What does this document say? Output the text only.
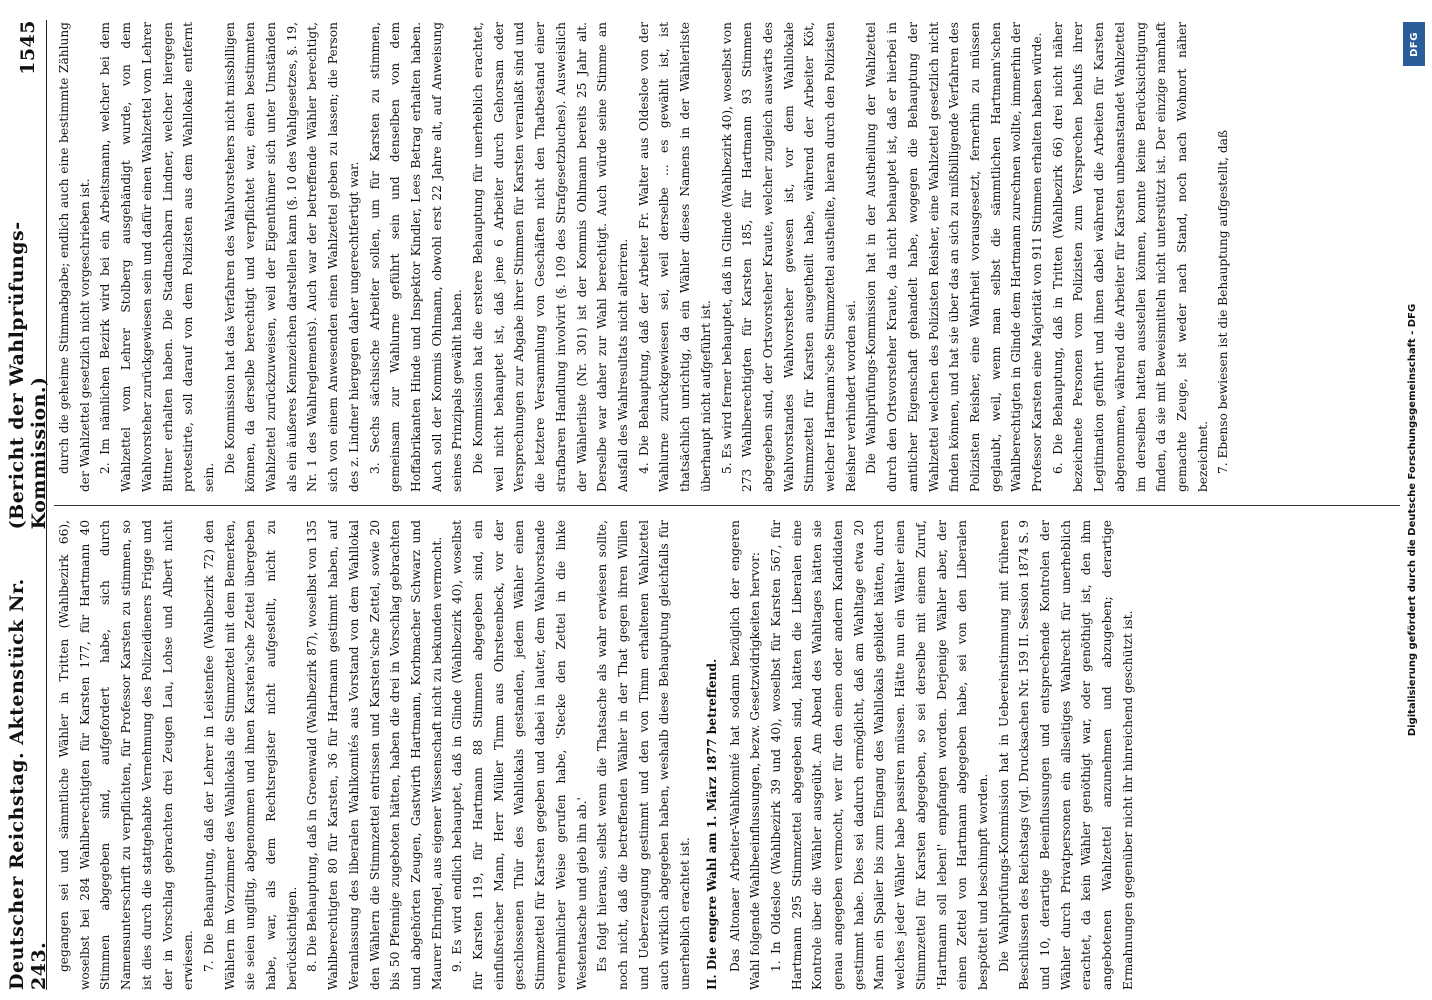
Deutscher Reichstag. Aktenstück Nr. 243.
(Bericht der Wahlprüfungs-Kommission.)
1545

gegangen sei und sämmtliche Wähler in Tritten (Wahlbezirk 66), woselbst bei 284 Wahlberechtigten für Karsten 177, für Hartmann 40 Stimmen abgegeben sind, aufgefordert habe, sich durch Namensunterschrift zu verpflichten, für Professor Karsten zu stimmen, so ist dies durch die stattgehabte Vernehmung des Polizeidieners Frigge und der in Vorschlag gebrachten drei Zeugen Lau, Lohse und Albert nicht erwiesen. 7. Die Behauptung, daß der Lehrer in Leistenfee (Wahlbezirk 72) den Wählern im Vorzimmer des Wahllokals die Stimmzettel mit dem Bemerken, sie seien ungiltig, abgenommen und ihnen Karsten'sche Zettel übergeben habe, war, als dem Rechtsregister nicht aufgestellt, nicht zu berücksichtigen. 8. Die Behauptung, daß in Groenwald (Wahlbezirk 87), woselbst von 135 Wahlberechtigten 80 für Karsten, 36 für Hartmann gestimmt haben, auf Veranlassung des liberalen Wahlkomités aus Vorstand von dem Wahllokal den Wählern die Stimmzettel entrissen und Karsten'sche Zettel, sowie 20 bis 50 Pfennige zugeboten hätten, haben die drei in Vorschlag gebrachten und abgehörten Zeugen, Gastwirth Hartmann, Korbmacher Schwarz und Maurer Ehringel, aus eigener Wissenschaft nicht zu bekunden vermocht. 9. Es wird endlich behauptet, daß in Glinde (Wahlbezirk 40), woselbst für Karsten 119, für Hartmann 88 Stimmen abgegeben sind, ein einflußreicher Mann, Herr Müller Timm aus Ohrsteenbeck, vor der geschlossenen Thür des Wahllokals gestanden, jedem Wähler einen Stimmzettel für Karsten gegeben und dabei in lauter, dem Wahlvorstande vernehmlicher Weise gerufen habe, 'Stecke den Zettel in die linke Westentasche und gieb ihn ab.' Es folgt hieraus, selbst wenn die Thatsache als wahr erwiesen sollte, noch nicht, daß die betreffenden Wähler in der That gegen ihren Willen und Ueberzeugung gestimmt und den von Timm erhaltenen Wahlzettel auch wirklich abgegeben haben, weshalb diese Behauptung gleichfalls für unerheblich erachtet ist.	II. Die engere Wahl am 1. März 1877 betreffend. Das Altonaer Arbeiter-Wahlkomité hat sodann bezüglich der engeren Wahl folgende Wahlbeeinflussungen, bezw. Gesetzwidrigkeiten hervor: 1. In Oldesloe (Wahlbezirk 39 und 40), woselbst für Karsten 567, für Hartmann 295 Stimmzettel abgegeben sind, hätten die Liberalen eine Kontrole über die Wähler ausgeübt. Am Abend des Wahltages hätten sie genau angegeben vermocht, wer für den einen oder andern Kandidaten gestimmt habe. Dies sei dadurch ermöglicht, daß am Wahltage etwa 20 Mann ein Spalier bis zum Eingang des Wahllokals gebildet hätten, durch welches jeder Wähler habe passiren müssen. Hätte nun ein Wähler einen Stimmzettel für Karsten abgegeben, so sei derselbe mit einem Zuruf, 'Hartmann soll leben!' empfangen worden. Derjenige Wähler aber, der einen Zettel von Hartmann abgegeben habe, sei von den Liberalen bespöttelt und beschimpft worden. Die Wahlprüfungs-Kommission hat in Uebereinstimmung mit früheren Beschlüssen des Reichstags (vgl. Drucksachen Nr. 159 II. Session 1874 S. 9 und 10, derartige Beeinflussungen und entsprechende Kontrolen der Wähler durch Privatpersonen ein allseitiges Wahlrecht für unerheblich erachtet, da kein Wähler genöthigt war, oder genöthigt ist, den ihm angebotenen Wahlzettel anzunehmen und abzugeben; derartige Ermahnungen gegenüber nicht ihr hinreichend geschützt ist.

durch die geheime Stimmabgabe; endlich auch eine bestimmte Zählung der Wahlzettel gesetzlich nicht vorgeschrieben ist. 2. Im nämlichen Bezirk wird bei ein Arbeitsmann, welcher bei dem Wahlzettel vom Lehrer Stolberg ausgehändigt wurde, von dem Wahlvorsteher zurückgewiesen sein und dafür einen Wahlzettel vom Lehrer Bittner erhalten haben. Die Stadtnachbarn Lindner, welcher hiergegen protestirte, soll darauf von dem Polizisten aus dem Wahllokale entfernt sein.

Die Kommission hat das Verfahren des Wahlvorstehers nicht missbilligen können, da derselbe berechtigt und verpflichtet war, einen bestimmten Wahlzettel zurückzuweisen, weil der Eigenthümer sich unter Umständen als ein äußeres Kennzeichen darstellen kann (§. 10 des Wahlgesetzes, §. 19, Nr. 1 des Wahlreglements). Auch war der betreffende Wähler berechtigt, sich von einem Anwesenden einen Wahlzettel geben zu lassen; die Person des z. Lindner hiergegen daher ungerechtfertigt war. 3. Sechs sächsische Arbeiter sollen, um für Karsten zu stimmen, gemeinsam zur Wahlurne geführt sein und denselben von dem Hoffabrikanten Hinde und Inspektor Kindler, Lees Betrag erhalten haben. Auch soll der Kommis Ohlmann, obwohl erst 22 Jahre alt, auf Anweisung seines Prinzipals gewählt haben. Die Kommission hat die erstere Behauptung für unerheblich erachtet, weil nicht behauptet ist, daß jene 6 Arbeiter durch Gehorsam oder Versprechungen zur Abgabe ihrer Stimmen für Karsten veranlaßt sind und die letztere Versammlung von Geschäften nicht den Thatbestand einer strafbaren Handlung involvirt (§. 109 des Strafgesetzbuches). Ausweislich der Wählerliste (Nr. 301) ist der Kommis Ohlmann bereits 25 Jahr alt. Derselbe war daher zur Wahl berechtigt. Auch würde seine Stimme an Ausfall des Wahlresultats nicht alteriren. 4. Die Behauptung, daß der Arbeiter Fr. Walter aus Oldesloe von der Wahlurne zurückgewiesen sei, weil derselbe ... es gewählt ist, ist thatsächlich unrichtig, da ein Wähler dieses Namens in der Wählerliste überhaupt nicht aufgeführt ist. 5. Es wird ferner behauptet, daß in Glinde (Wahlbezirk 40), woselbst von 273 Wahlberechtigten für Karsten 185, für Hartmann 93 Stimmen abgegeben sind, der Ortsvorsteher Kraute, welcher zugleich auswärts des Wahlvorstandes Wahlvorsteher gewesen ist, vor dem Wahllokale Stimmzettel für Karsten ausgetheilt habe, während der Arbeiter Köt, welcher Hartmann'sche Stimmzettel austheilte, hieran durch den Polizisten Reisher verhindert worden sei. Die Wahlprüfungs-Kommission hat in der Austheilung der Wahlzettel durch den Ortsvorsteher Kraute, da nicht behauptet ist, daß er hierbei in amtlicher Eigenschaft gehandelt habe, wogegen die Behauptung der Wahlzettel welchen des Polizisten Reisher, eine Wahlzettel gesetzlich nicht finden können, und hat sie über das an sich zu mißbilligende Verfahren des Polizisten Reisher, eine Wahrheit vorausgesetzt, fernerhin zu müssen geglaubt, weil, wenn man selbst die sämmtlichen Hartmann'schen Wahlberechtigten in Glinde dem Hartmann zurechnen wollte, immerhin der Professor Karsten eine Majorität von 911 Stimmen erhalten haben würde. 6. Die Behauptung, daß in Tritten (Wahlbezirk 66) drei nicht näher bezeichnete Personen vom Polizisten zum Versprechen behufs ihrer Legitimation geführt und ihnen dabei während die Arbeiten für Karsten abgenommen, während die Arbeiter für Karsten unbeanstandet Wahlzettel im derselben hatten ausstellen können, konnte keine Berücksichtigung finden, da sie mit Beweismitteln nicht unterstützt ist. Der einzige namhaft gemachte Zeuge, ist weder nach Stand, noch nach Wohnort näher bezeichnet. 7. Ebenso bewiesen ist die Behauptung aufgestellt, daß

DFG
Digitalisierung gefördert durch die Deutsche Forschungsgemeinschaft - DFG
